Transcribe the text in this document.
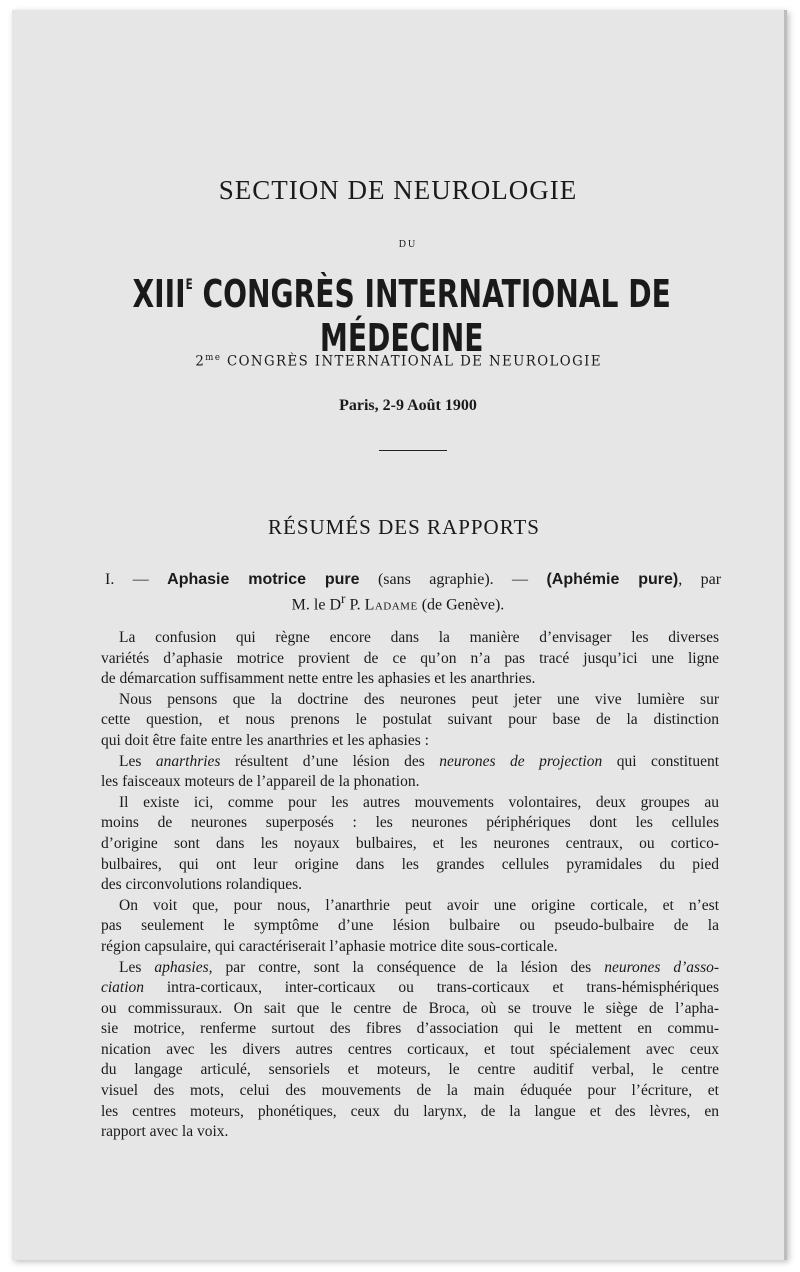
SECTION DE NEUROLOGIE
DU
$XIII^E$ CONGRÈS INTERNATIONAL DE MÉDECINE
$2^{me}$ CONGRÈS INTERNATIONAL DE NEUROLOGIE
Paris, 2-9 Août 1900
RÉSUMÉS DES RAPPORTS
I. — Aphasie motrice pure (sans agraphie). — (Aphémie pure), par
M. le $D^r$ P. Ladame (de Genève).
La confusion qui règne encore dans la manière d’envisager les diverses
variétés d’aphasie motrice provient de ce qu’on n’a pas tracé jusqu’ici une ligne
de démarcation suffisamment nette entre les aphasies et les anarthries.
Nous pensons que la doctrine des neurones peut jeter une vive lumière sur
cette question, et nous prenons le postulat suivant pour base de la distinction
qui doit être faite entre les anarthries et les aphasies :
Les anarthries résultent d’une lésion des neurones de projection qui constituent
les faisceaux moteurs de l’appareil de la phonation.
Il existe ici, comme pour les autres mouvements volontaires, deux groupes au
moins de neurones superposés : les neurones périphériques dont les cellules
d’origine sont dans les noyaux bulbaires, et les neurones centraux, ou cortico-
bulbaires, qui ont leur origine dans les grandes cellules pyramidales du pied
des circonvolutions rolandiques.
On voit que, pour nous, l’anarthrie peut avoir une origine corticale, et n’est
pas seulement le symptôme d’une lésion bulbaire ou pseudo-bulbaire de la
région capsulaire, qui caractériserait l’aphasie motrice dite sous-corticale.
Les aphasies, par contre, sont la conséquence de la lésion des neurones d’asso-
ciation intra-corticaux, inter-corticaux ou trans-corticaux et trans-hémisphériques
ou commissuraux. On sait que le centre de Broca, où se trouve le siège de l’apha-
sie motrice, renferme surtout des fibres d’association qui le mettent en commu-
nication avec les divers autres centres corticaux, et tout spécialement avec ceux
du langage articulé, sensoriels et moteurs, le centre auditif verbal, le centre
visuel des mots, celui des mouvements de la main éduquée pour l’écriture, et
les centres moteurs, phonétiques, ceux du larynx, de la langue et des lèvres, en
rapport avec la voix.
